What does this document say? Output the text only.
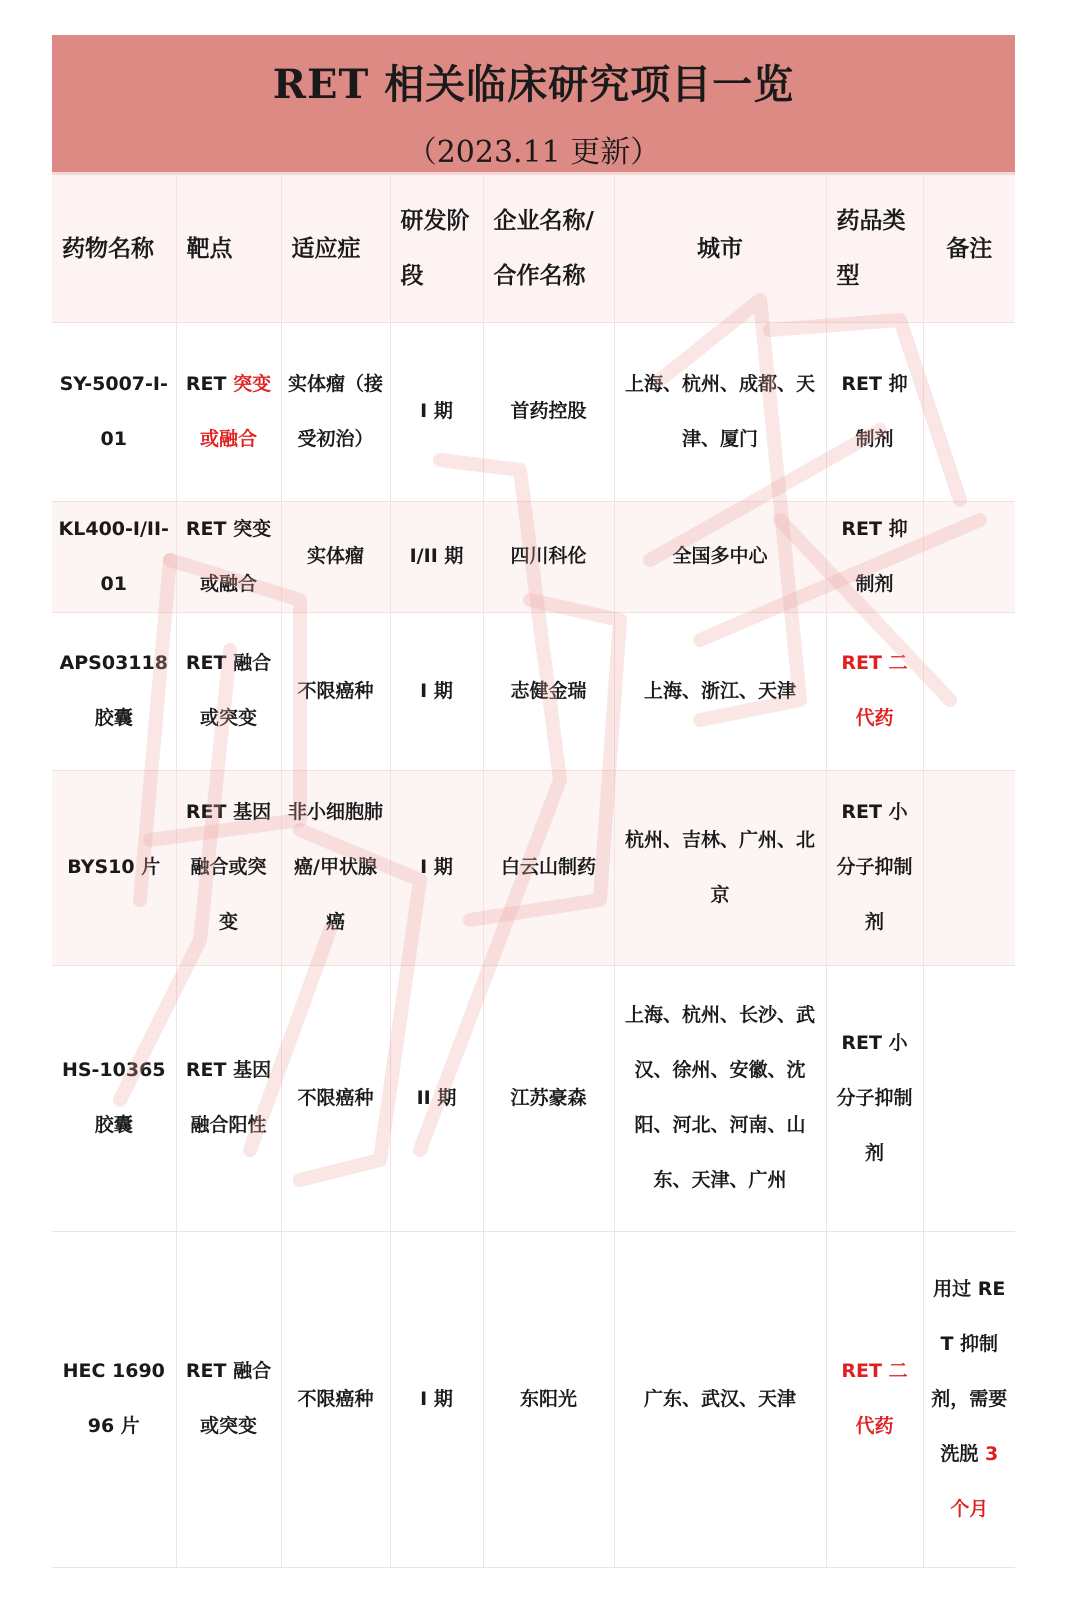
RET 相关临床研究项目一览
（2023.11 更新）
药物名称	靶点	适应症	研发阶段	企业名称/合作名称	城市	药品类型	备注
SY-5007-I-01	RET 突变或融合	实体瘤（接受初治）	I 期	首药控股	上海、杭州、成都、天津、厦门	RET 抑制剂	
KL400-I/II-01	RET 突变或融合	实体瘤	I/II 期	四川科伦	全国多中心	RET 抑制剂	
APS03118 胶囊	RET 融合或突变	不限癌种	I 期	志健金瑞	上海、浙江、天津	RET 二代药	
BYS10 片	RET 基因融合或突变	非小细胞肺癌/甲状腺癌	I 期	白云山制药	杭州、吉林、广州、北京	RET 小分子抑制剂	
HS-10365 胶囊	RET 基因融合阳性	不限癌种	II 期	江苏豪森	上海、杭州、长沙、武汉、徐州、安徽、沈阳、河北、河南、山东、天津、广州	RET 小分子抑制剂	
HEC 169096 片	RET 融合或突变	不限癌种	I 期	东阳光	广东、武汉、天津	RET 二代药	用过 RET 抑制剂，需要洗脱 3 个月
